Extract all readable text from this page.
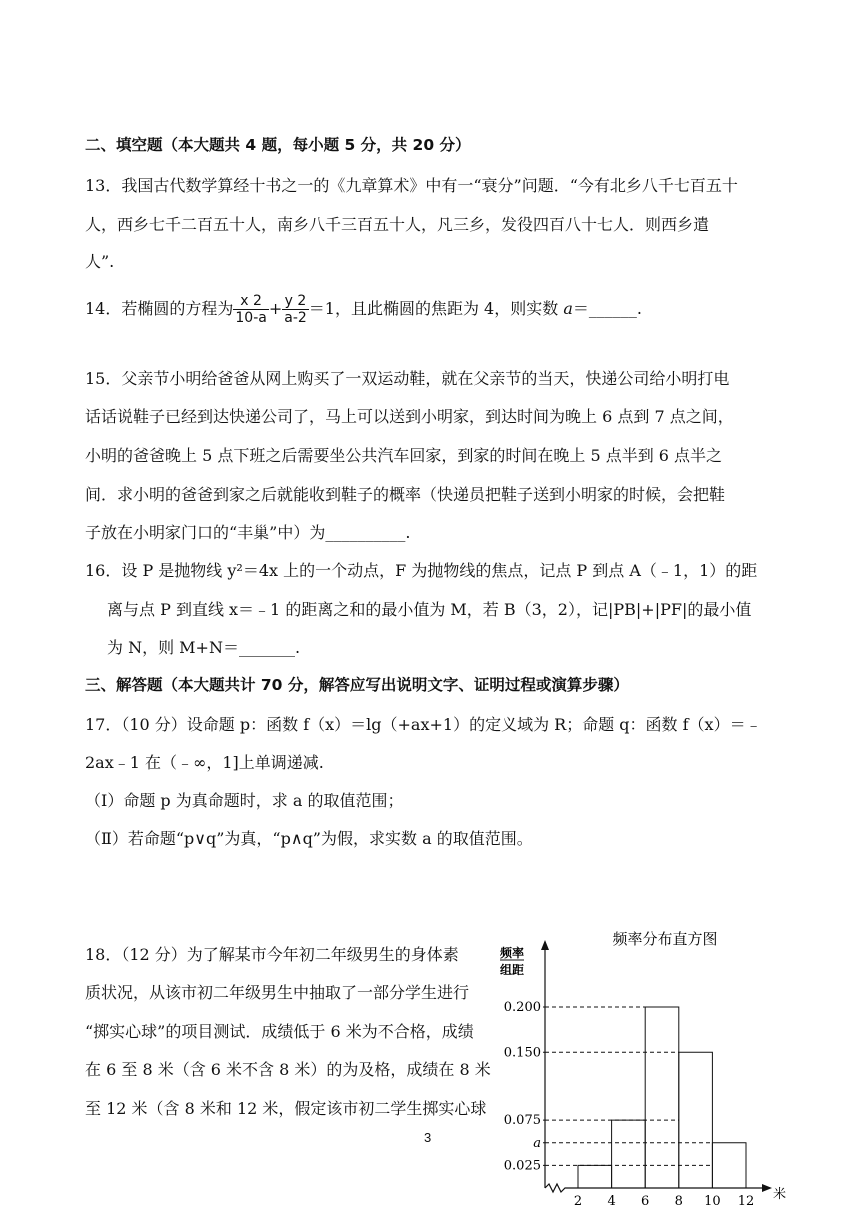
二、填空题（本大题共 4 题，每小题 5 分，共 20 分）
13．我国古代数学算经十书之一的《九章算术》中有一“衰分”问题．“今有北乡八千七百五十
人，西乡七千二百五十人，南乡八千三百五十人，凡三乡，发役四百八十七人．则西乡遣
人”.
14．若椭圆的方程为 $\frac{x 2}{10-a} + \frac{y 2}{a-2} =1$，且此椭圆的焦距为 4，则实数 a＝______.
15．父亲节小明给爸爸从网上购买了一双运动鞋，就在父亲节的当天，快递公司给小明打电
话话说鞋子已经到达快递公司了，马上可以送到小明家，到达时间为晚上 6 点到 7 点之间，
小明的爸爸晚上 5 点下班之后需要坐公共汽车回家，到家的时间在晚上 5 点半到 6 点半之
间．求小明的爸爸到家之后就能收到鞋子的概率（快递员把鞋子送到小明家的时候，会把鞋
子放在小明家门口的“丰巢”中）为__________.
16．设 P 是抛物线 y²＝4x 上的一个动点，F 为抛物线的焦点，记点 P 到点 A（﹣1，1）的距
离与点 P 到直线 x＝﹣1 的距离之和的最小值为 M，若 B（3，2），记|PB|+|PF|的最小值
为 N，则 M+N＝_______.
三、解答题（本大题共计 70 分，解答应写出说明文字、证明过程或演算步骤）
17．（10 分）设命题 p：函数 f（x）＝lg（+ax+1）的定义域为 R；命题 q：函数 f（x）＝﹣
2ax﹣1 在（﹣∞，1]上单调递减.
（Ⅰ）命题 p 为真命题时，求 a 的取值范围；
（Ⅱ）若命题“p∨q”为真，“p∧q”为假，求实数 a 的取值范围。
18．（12 分）为了解某市今年初二年级男生的身体素
质状况，从该市初二年级男生中抽取了一部分学生进行
“掷实心球”的项目测试．成绩低于 6 米为不合格，成绩
在 6 至 8 米（含 6 米不含 8 米）的为及格，成绩在 8 米
至 12 米（含 8 米和 12 米，假定该市初二学生掷实心球
3
频率分布直方图
频率
组距
米
0.025
a
0.075
0.150
0.200
2 4 6 8 10 12
